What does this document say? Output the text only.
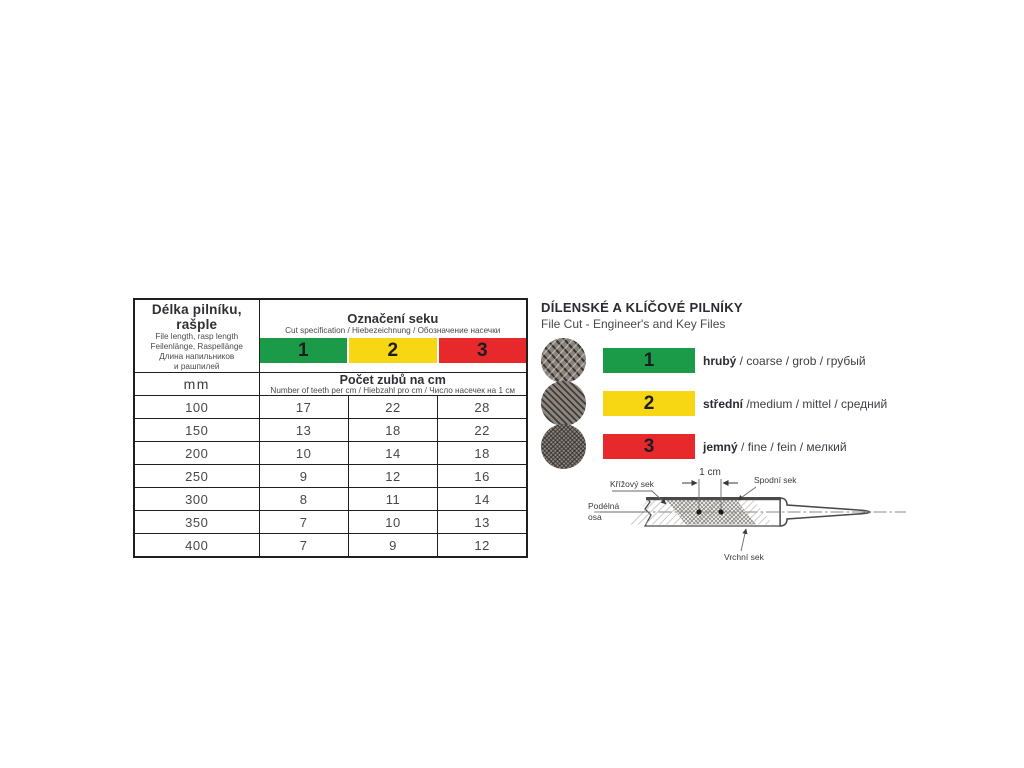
Délka pilníku, rašple
File length, rasp length
Feilenlänge, Raspellänge
Длина напильников
и рашпилей

Označení seku
Cut specification / Hiebezeichnung / Обозначение насечки
1	2	3

mm	Počet zubů na cm
Number of teeth per cm / Hiebzahl pro cm / Число насечек на 1 см		

100	17	22	28
150	13	18	22
200	10	14	18
250	9	12	16
300	8	11	14
350	7	10	13
400	7	9	12
DÍLENSKÉ A KLÍČOVÉ PILNÍKY
File Cut - Engineer's and Key Files
1	hrubý / coarse / grob / грубый
2	střední /medium / mittel / средний
3	jemný / fine / fein / мелкий
1 cm
Křížový sek	Spodní sek
Podélná
osa
Vrchní sek
